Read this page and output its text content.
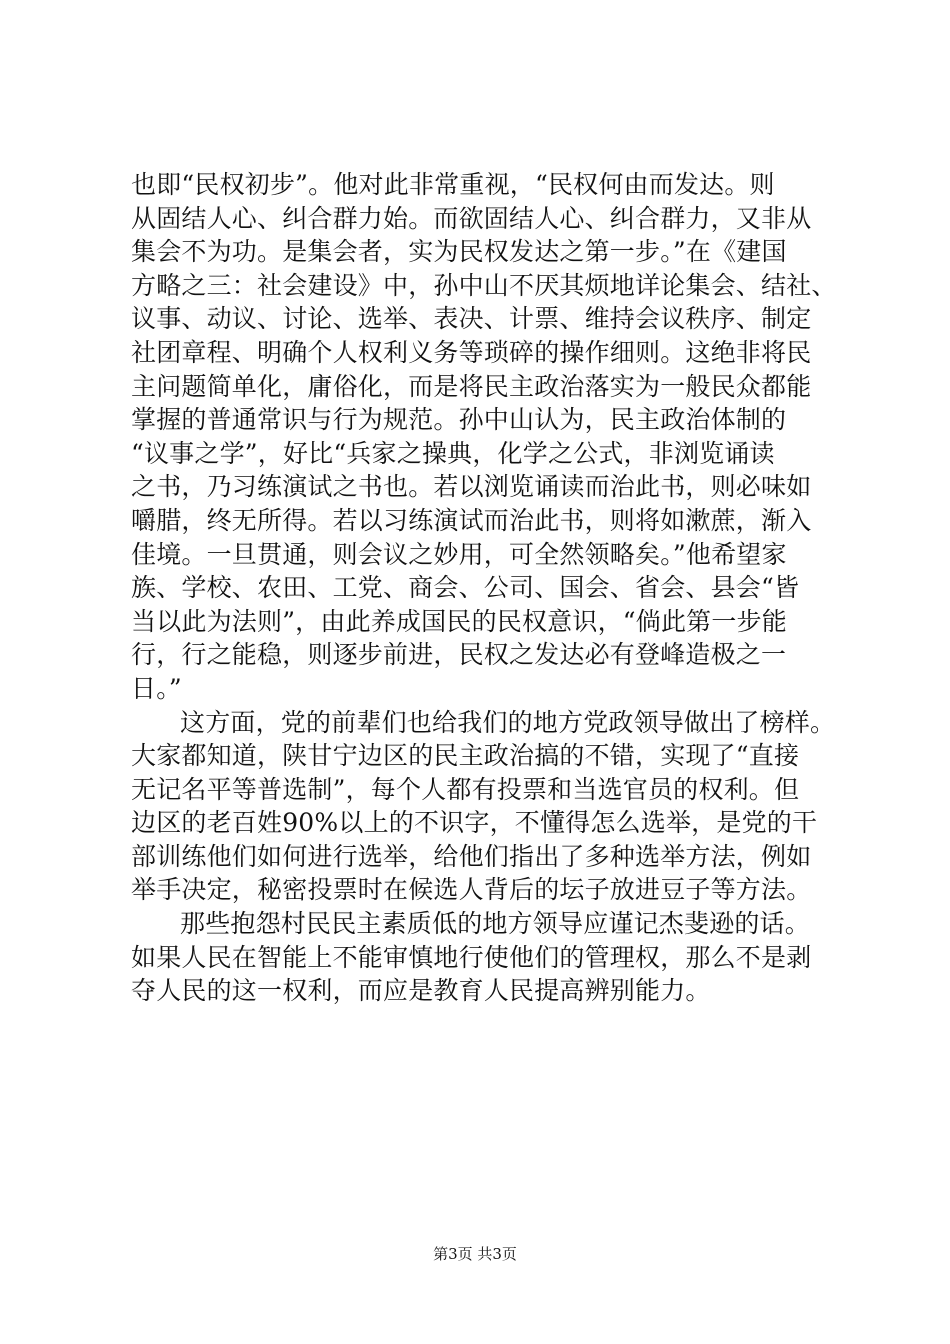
也即“民权初步”。他对此非常重视，“民权何由而发达。则
从固结人心、纠合群力始。而欲固结人心、纠合群力，又非从
集会不为功。是集会者，实为民权发达之第一步。”在《建国
方略之三：社会建设》中，孙中山不厌其烦地详论集会、结社、
议事、动议、讨论、选举、表决、计票、维持会议秩序、制定
社团章程、明确个人权利义务等琐碎的操作细则。这绝非将民
主问题简单化，庸俗化，而是将民主政治落实为一般民众都能
掌握的普通常识与行为规范。孙中山认为，民主政治体制的
“议事之学”，好比“兵家之操典，化学之公式，非浏览诵读
之书，乃习练演试之书也。若以浏览诵读而治此书，则必味如
嚼腊，终无所得。若以习练演试而治此书，则将如漱蔗，渐入
佳境。一旦贯通，则会议之妙用，可全然领略矣。”他希望家
族、学校、农田、工党、商会、公司、国会、省会、县会“皆
当以此为法则”，由此养成国民的民权意识，“倘此第一步能
行，行之能稳，则逐步前进，民权之发达必有登峰造极之一
日。”
这方面，党的前辈们也给我们的地方党政领导做出了榜样。
大家都知道，陕甘宁边区的民主政治搞的不错，实现了“直接
无记名平等普选制”，每个人都有投票和当选官员的权利。但
边区的老百姓90%以上的不识字，不懂得怎么选举，是党的干
部训练他们如何进行选举，给他们指出了多种选举方法，例如
举手决定，秘密投票时在候选人背后的坛子放进豆子等方法。
那些抱怨村民民主素质低的地方领导应谨记杰斐逊的话。
如果人民在智能上不能审慎地行使他们的管理权，那么不是剥
夺人民的这一权利，而应是教育人民提高辨别能力。
第3页 共3页
